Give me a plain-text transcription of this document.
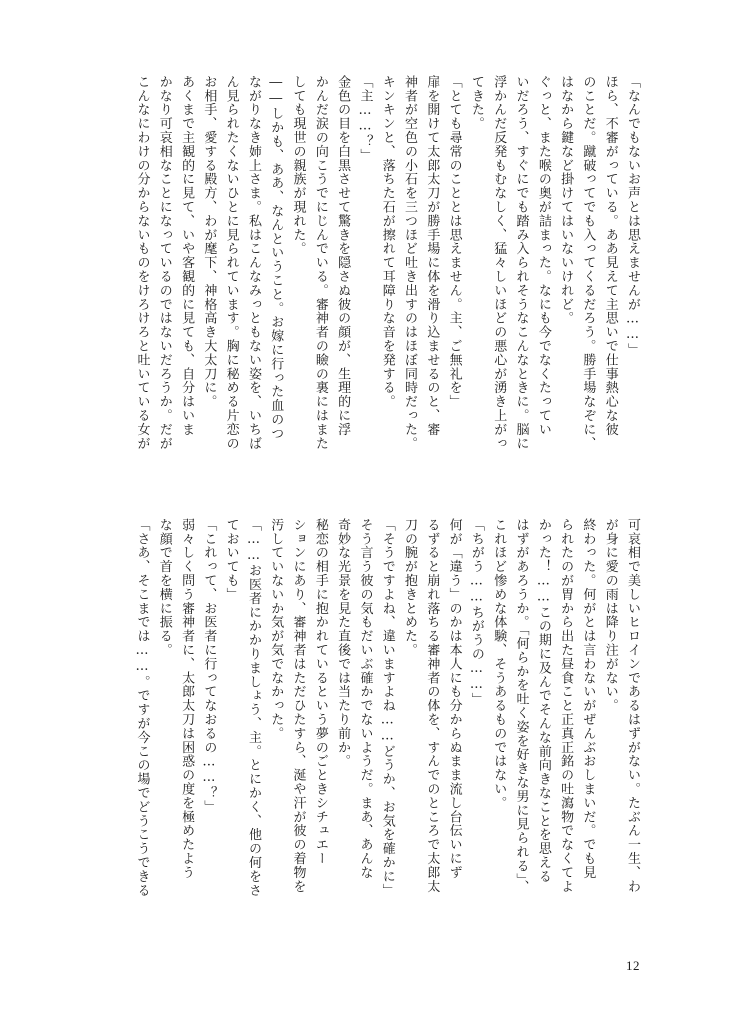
「なんでもないお声とは思えませんが……」
ほら、不審がっている。ああ見えて主思いで仕事熱心な彼
のことだ。蹴破ってでも入ってくるだろう。勝手場なぞに、
はなから鍵など掛けてはいないけれど。
ぐっと、また喉の奥が詰まった。なにも今でなくたってい
いだろう、すぐにでも踏み入られそうなこんなときに。脳に
浮かんだ反発もむなしく、猛々しいほどの悪心が湧き上がっ
てきた。
「とても尋常のこととは思えません。主、ご無礼を」
扉を開けて太郎太刀が勝手場に体を滑り込ませるのと、審
神者が空色の小石を三つほど吐き出すのはほぼ同時だった。
キンキンと、落ちた石が擦れて耳障りな音を発する。
「主……？」
金色の目を白黒させて驚きを隠さぬ彼の顔が、生理的に浮
かんだ涙の向こうでにじんでいる。審神者の瞼の裏にはまた
しても現世の親族が現れた。
――しかも、ああ、なんということ。お嫁に行った血のつ
ながりなき姉上さま。私はこんなみっともない姿を、いちば
ん見られたくないひとに見られています。胸に秘める片恋の
お相手、愛する殿方、わが麾下、神格高き大太刀に。
あくまで主観的に見て、いや客観的に見ても、自分はいま
かなり可哀相なことになっているのではないだろうか。だが
こんなにわけの分からないものをけろけろと吐いている女が
可哀相で美しいヒロインであるはずがない。たぶん一生、わ
が身に愛の雨は降り注がない。
終わった。何がとは言わないがぜんぶおしまいだ。でも見
られたのが胃から出た昼食こと正真正銘の吐瀉物でなくてよ
かった！……この期に及んでそんな前向きなことを思える
はずがあろうか。「何らかを吐く姿を好きな男に見られる」、
これほど惨めな体験、そうあるものではない。
「ちがう……ちがうの……」
何が「違う」のかは本人にも分からぬまま流し台伝いにず
るずると崩れ落ちる審神者の体を、すんでのところで太郎太
刀の腕が抱きとめた。
「そうですよね、違いますよね……どうか、お気を確かに」
そう言う彼の気もだいぶ確かでないようだ。まあ、あんな
奇妙な光景を見た直後では当たり前か。
秘恋の相手に抱かれているという夢のごときシチュエー
ションにあり、審神者はただひたすら、涎や汗が彼の着物を
汚していないか気が気でなかった。
「……お医者にかかりましょう、主。とにかく、他の何をさ
ておいても」
「これって、お医者に行ってなおるの……？」
弱々しく問う審神者に、太郎太刀は困惑の度を極めたよう
な顔で首を横に振る。
「さあ、そこまでは……。ですが今この場でどうこうできる
12
